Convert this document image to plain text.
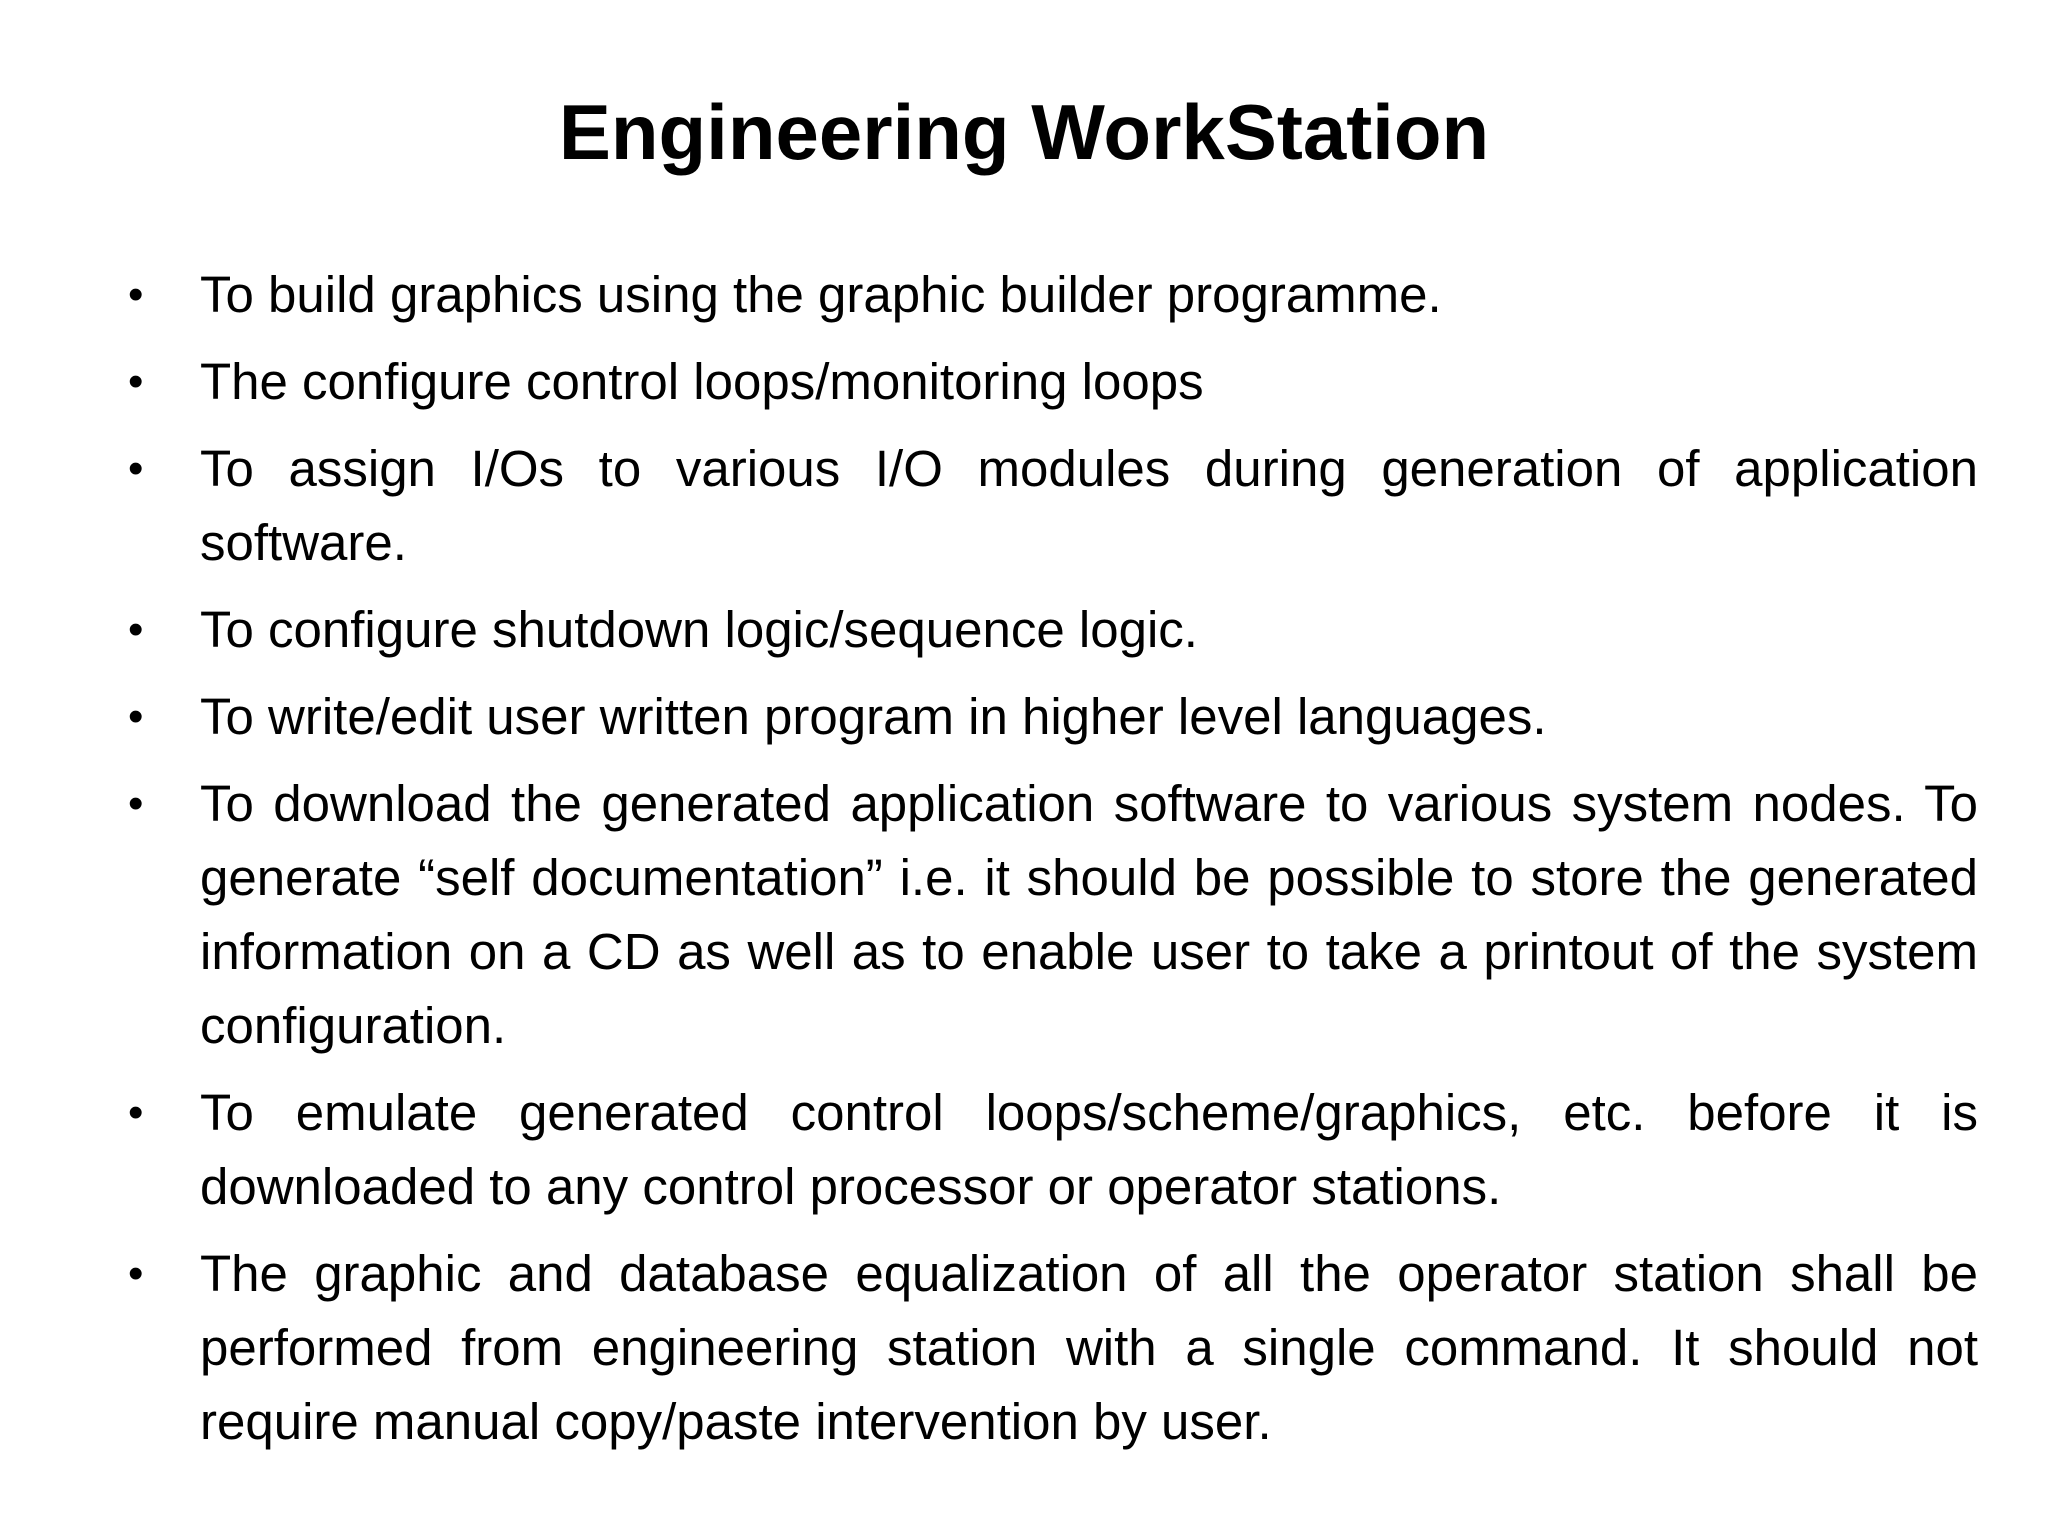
Engineering WorkStation
•	To build graphics using the graphic builder programme.
•	The configure control loops/monitoring loops
•	To assign I/Os to various I/O modules during generation of application software.
•	To configure shutdown logic/sequence logic.
•	To write/edit user written program in higher level languages.
•	To download the generated application software to various system nodes. To generate “self documentation” i.e. it should be possible to store the generated information on a CD as well as to enable user to take a printout of the system configuration.
•	To emulate generated control loops/scheme/graphics, etc. before it is downloaded to any control processor or operator stations.
•	The graphic and database equalization of all the operator station shall be performed from engineering station with a single command. It should not require manual copy/paste intervention by user.
